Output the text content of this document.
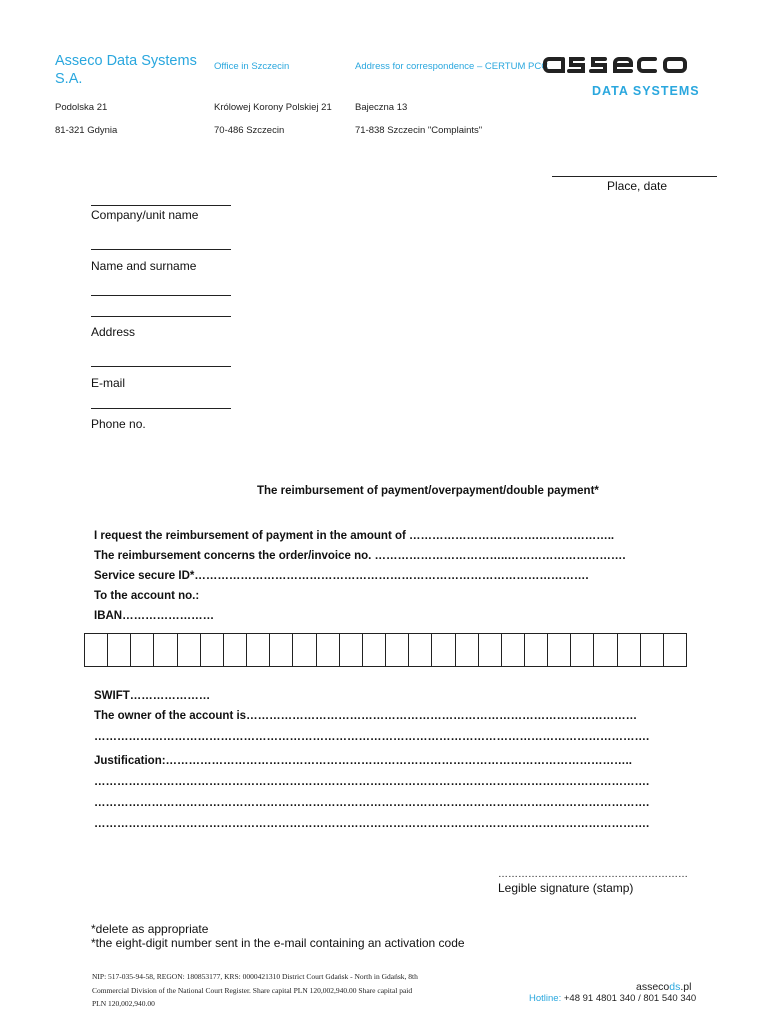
Asseco Data Systems
S.A.
Office in Szczecin	Address for correspondence – CERTUM PCC
DATA SYSTEMS
Podolska 21
81-321 Gdynia
Królowej Korony Polskiej 21
70-486 Szczecin
Bajeczna 13
71-838 Szczecin "Complaints"
Place, date
Company/unit name
Name and surname
Address
E-mail
Phone no.
The reimbursement of payment/overpayment/double payment*
I request the reimbursement of payment in the amount of …………………………….………………..
The reimbursement concerns the order/invoice no. ……………………………..………………………….
Service secure ID*………………………………………………………………………………………….
To the account no.:
IBAN……………………
SWIFT…………………
The owner of the account is…………………………………………………………………………………………
……………………………………………………………………………………………………………………………….
Justification:…………………………………………………………………………………………………………..
……………………………………………………………………………………………………………………………….
……………………………………………………………………………………………………………………………….
……………………………………………………………………………………………………………………………….
…………………………………………………
Legible signature (stamp)
*delete as appropriate
*the eight-digit number sent in the e-mail containing an activation code
NIP: 517-035-94-58, REGON: 180853177, KRS: 0000421310 District Court Gdańsk - North in Gdańsk, 8th
Commercial Division of the National Court Register. Share capital PLN 120,002,940.00 Share capital paid
PLN 120,002,940.00
assecods.pl
Hotline: +48 91 4801 340 / 801 540 340
